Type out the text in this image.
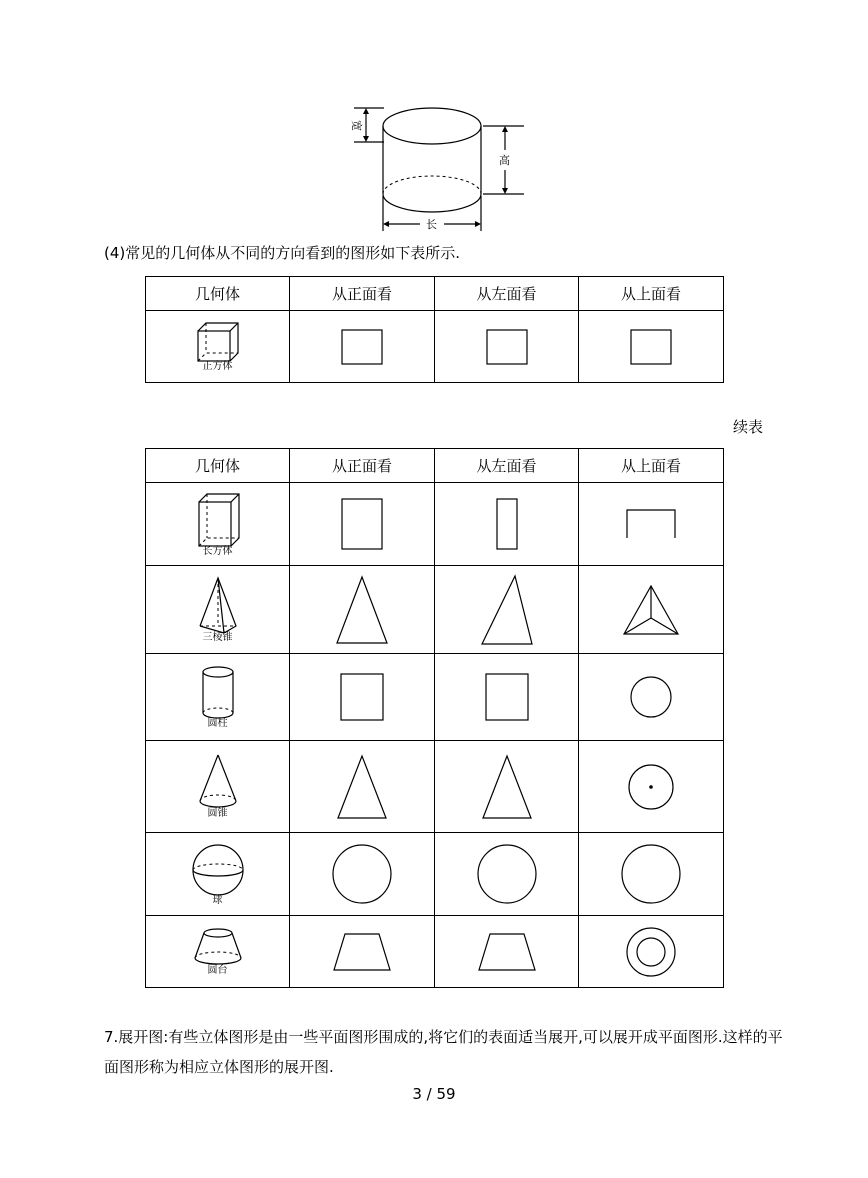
宽
高
长
(4)常见的几何体从不同的方向看到的图形如下表所示.
几何体	从正面看	从左面看	从上面看

正方体

续表
几何体	从正面看	从左面看	从上面看

长方体

三棱锥

圆柱

圆锥

球

圆台

7.展开图:有些立体图形是由一些平面图形围成的,将它们的表面适当展开,可以展开成平面图形.这样的平面图形称为相应立体图形的展开图.
3 / 59
